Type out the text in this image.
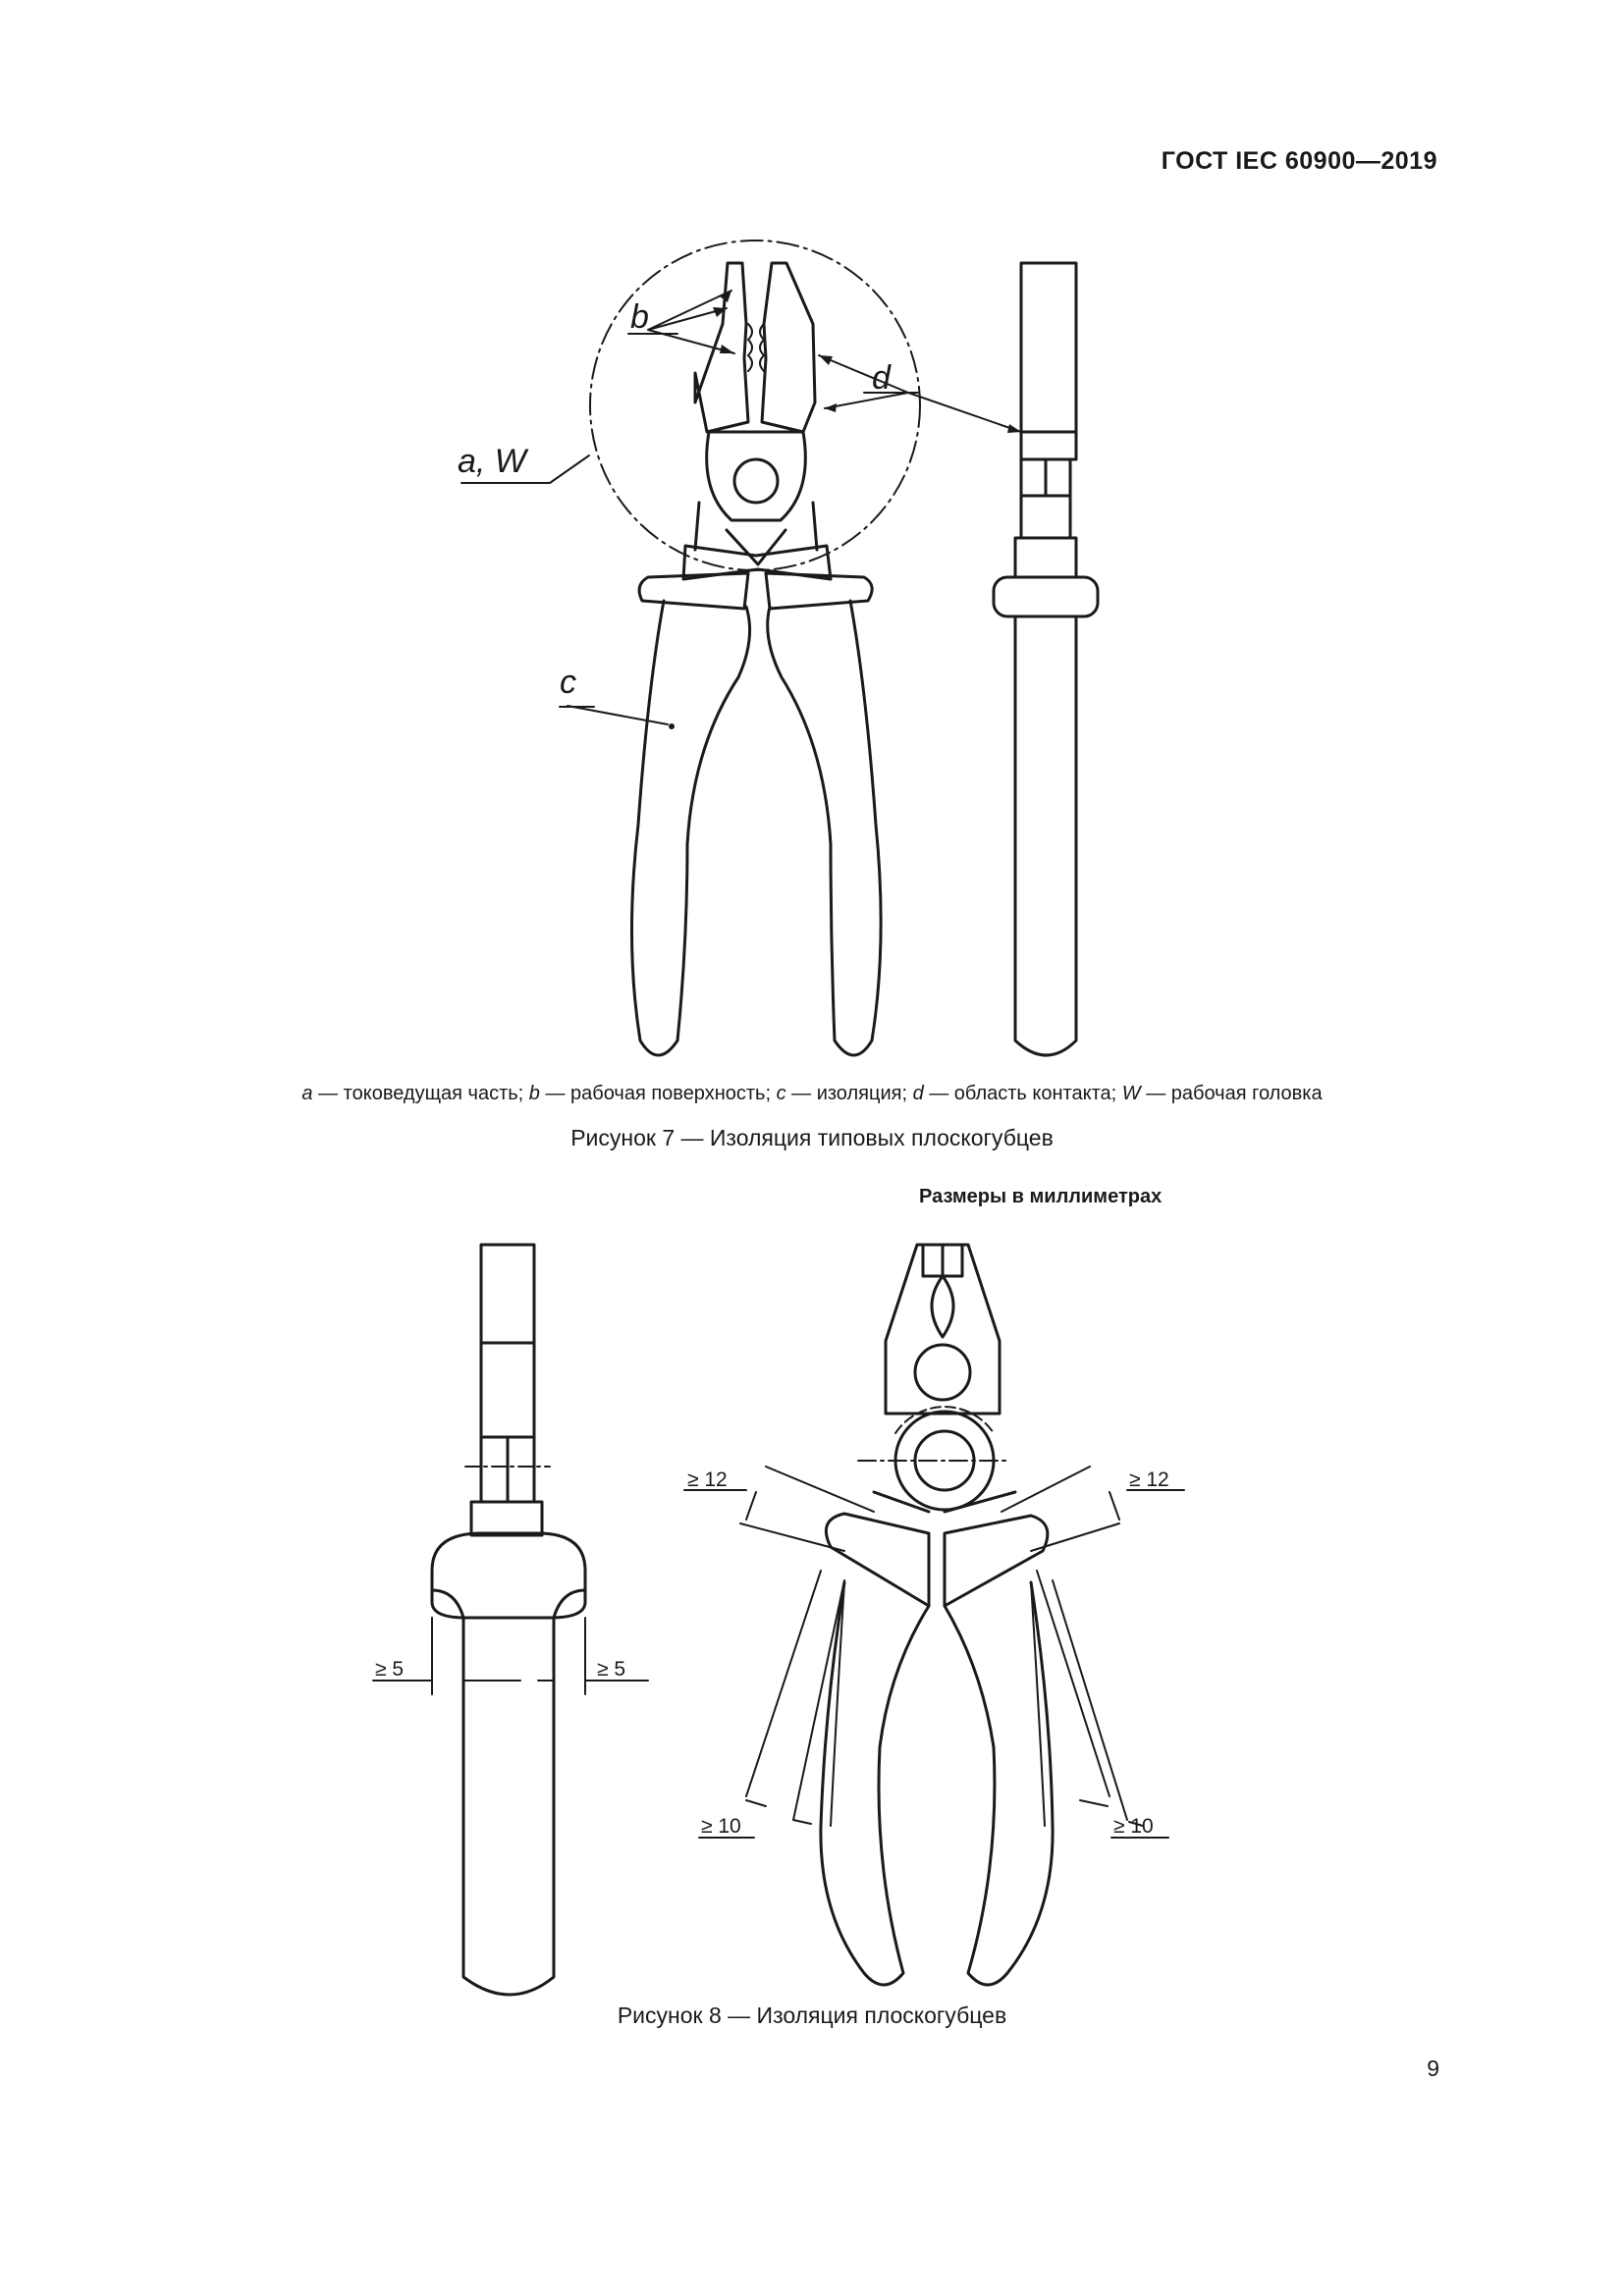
ГОСТ IEC 60900—2019
a, W
b
d
c
≥ 12	≥ 12
≥ 5	≥ 5
≥ 10	≥ 10
a — токоведущая часть; b — рабочая поверхность; c — изоляция; d — область контакта; W — рабочая головка
Рисунок 7 — Изоляция типовых плоскогубцев
Размеры в миллиметрах
Рисунок 8 — Изоляция плоскогубцев
9
